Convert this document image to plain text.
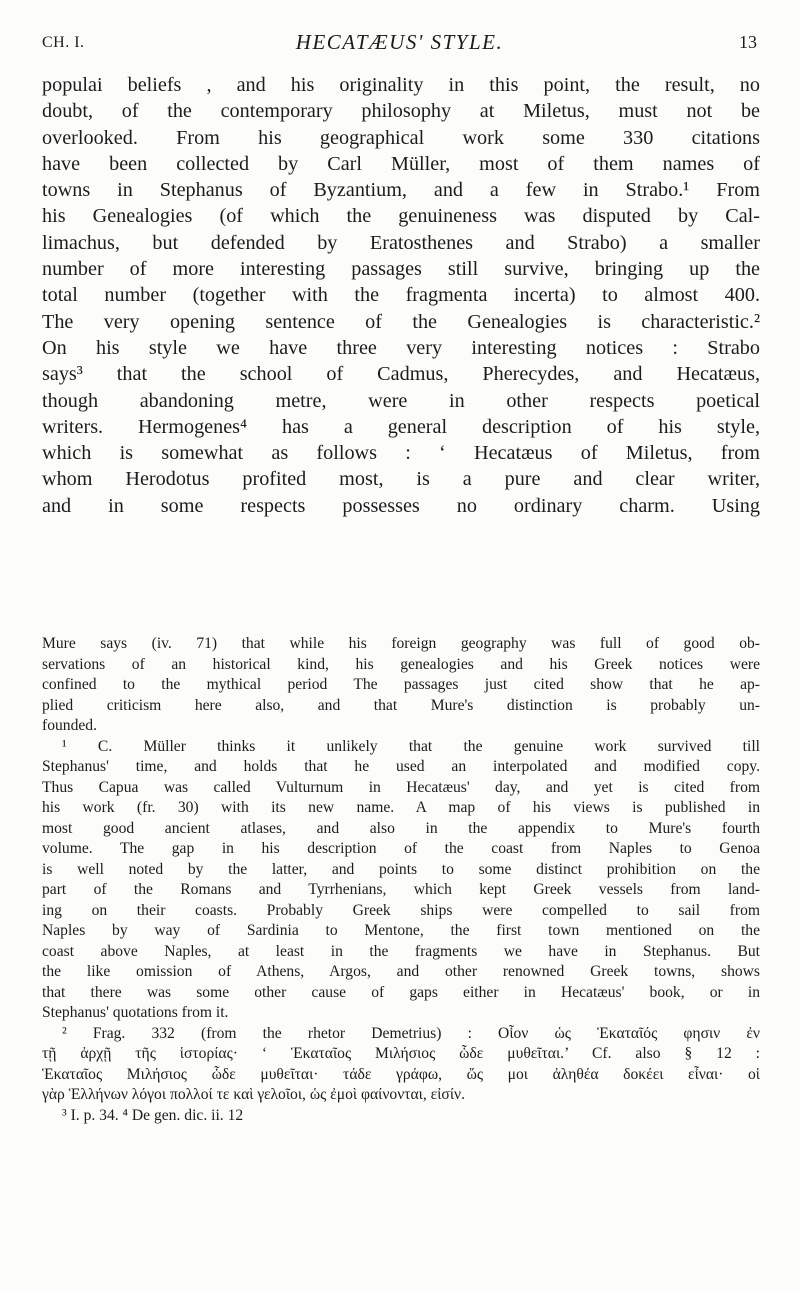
CH. I.	HECATÆUS' STYLE.	13
populai beliefs , and his originality in this point, the result, no
doubt, of the contemporary philosophy at Miletus, must not be
overlooked. From his geographical work some 330 citations
have been collected by Carl Müller, most of them names of
towns in Stephanus of Byzantium, and a few in Strabo.¹ From
his Genealogies (of which the genuineness was disputed by Cal-
limachus, but defended by Eratosthenes and Strabo) a smaller
number of more interesting passages still survive, bringing up the
total number (together with the fragmenta incerta) to almost 400.
The very opening sentence of the Genealogies is characteristic.²
On his style we have three very interesting notices : Strabo
says³ that the school of Cadmus, Pherecydes, and Hecatæus,
though abandoning metre, were in other respects poetical
writers. Hermogenes⁴ has a general description of his style,
which is somewhat as follows : ‘ Hecatæus of Miletus, from
whom Herodotus profited most, is a pure and clear writer,
and in some respects possesses no ordinary charm. Using
Mure says (iv. 71) that while his foreign geography was full of good ob-
servations of an historical kind, his genealogies and his Greek notices were
confined to the mythical period The passages just cited show that he ap-
plied criticism here also, and that Mure's distinction is probably un-
founded.
¹ C. Müller thinks it unlikely that the genuine work survived till
Stephanus' time, and holds that he used an interpolated and modified copy.
Thus Capua was called Vulturnum in Hecatæus' day, and yet is cited from
his work (fr. 30) with its new name. A map of his views is published in
most good ancient atlases, and also in the appendix to Mure's fourth
volume. The gap in his description of the coast from Naples to Genoa
is well noted by the latter, and points to some distinct prohibition on the
part of the Romans and Tyrrhenians, which kept Greek vessels from land-
ing on their coasts. Probably Greek ships were compelled to sail from
Naples by way of Sardinia to Mentone, the first town mentioned on the
coast above Naples, at least in the fragments we have in Stephanus. But
the like omission of Athens, Argos, and other renowned Greek towns, shows
that there was some other cause of gaps either in Hecatæus' book, or in
Stephanus' quotations from it.
² Frag. 332 (from the rhetor Demetrius) : Οἷον ὡς Ἑκαταῖός φησιν ἐν
τῇ ἀρχῇ τῆς ἱστορίας· ‘ Ἑκαταῖος Μιλήσιος ὧδε μυθεῖται.’ Cf. also § 12 :
Ἑκαταῖος Μιλήσιος ὧδε μυθεῖται· τάδε γράφω, ὥς μοι ἀληθέα δοκέει εἶναι· οἱ
γὰρ Ἑλλήνων λόγοι πολλοί τε καὶ γελοῖοι, ὡς ἐμοὶ φαίνονται, εἰσίν.
³ I. p. 34. ⁴ De gen. dic. ii. 12
